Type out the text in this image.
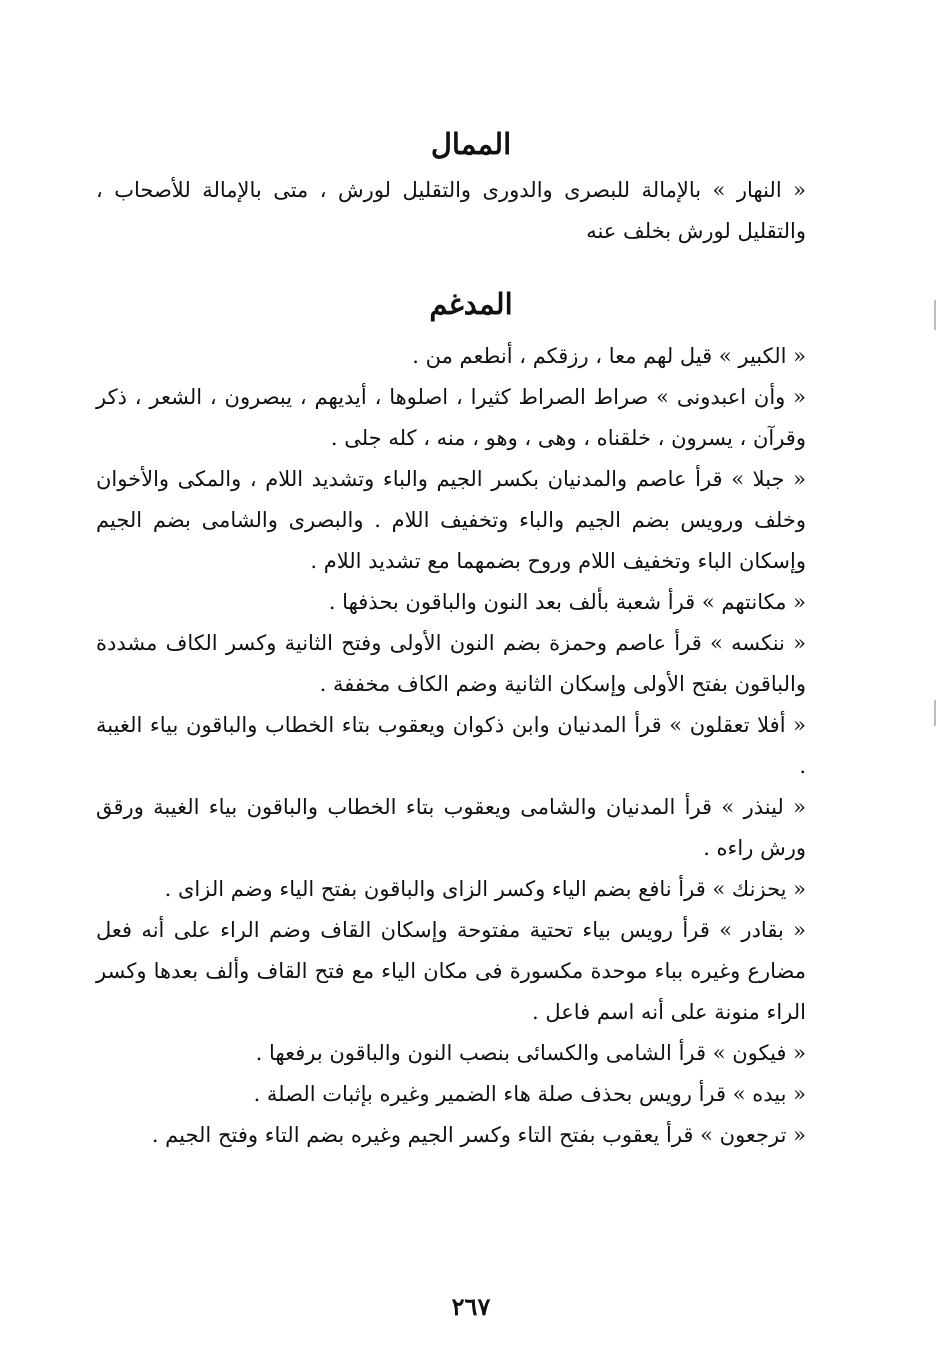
الممال

« النهار » بالإمالة للبصرى والدورى والتقليل لورش ، متى بالإمالة للأصحاب ، والتقليل لورش بخلف عنه

المدغم

« الكبير » قيل لهم معا ، رزقكم ، أنطعم من .

« وأن اعبدونى » صراط الصراط كثيرا ، اصلوها ، أيديهم ، يبصرون ، الشعر ، ذكر وقرآن ، يسرون ، خلقناه ، وهى ، وهو ، منه ، كله جلى .

« جبلا » قرأ عاصم والمدنيان بكسر الجيم والباء وتشديد اللام ، والمكى والأخوان وخلف ورويس بضم الجيم والباء وتخفيف اللام . والبصرى والشامى بضم الجيم وإسكان الباء وتخفيف اللام وروح بضمهما مع تشديد اللام .

« مكانتهم » قرأ شعبة بألف بعد النون والباقون بحذفها .

« ننكسه » قرأ عاصم وحمزة بضم النون الأولى وفتح الثانية وكسر الكاف مشددة والباقون بفتح الأولى وإسكان الثانية وضم الكاف مخففة .

« أفلا تعقلون » قرأ المدنيان وابن ذكوان ويعقوب بتاء الخطاب والباقون بياء الغيبة .

« لينذر » قرأ المدنيان والشامى ويعقوب بتاء الخطاب والباقون بياء الغيبة ورقق ورش راءه .

« يحزنك » قرأ نافع بضم الياء وكسر الزاى والباقون بفتح الياء وضم الزاى .

« بقادر » قرأ رويس بياء تحتية مفتوحة وإسكان القاف وضم الراء على أنه فعل مضارع وغيره بباء موحدة مكسورة فى مكان الياء مع فتح القاف وألف بعدها وكسر الراء منونة على أنه اسم فاعل .

« فيكون » قرأ الشامى والكسائى بنصب النون والباقون برفعها .

« بيده » قرأ رويس بحذف صلة هاء الضمير وغيره بإثبات الصلة .

« ترجعون » قرأ يعقوب بفتح التاء وكسر الجيم وغيره بضم التاء وفتح الجيم .

٢٦٧
